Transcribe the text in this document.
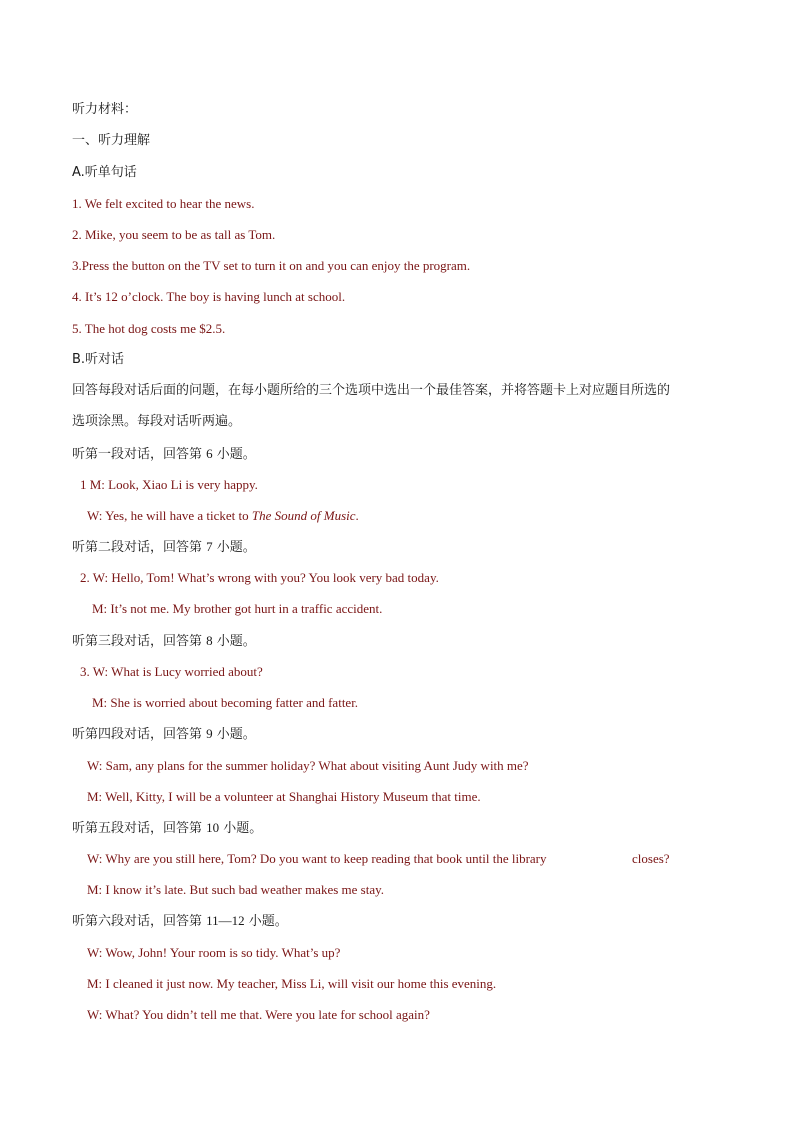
听力材料：
一、听力理解
A.听单句话
1. We felt excited to hear the news.
2. Mike, you seem to be as tall as Tom.
3.Press the button on the TV set to turn it on and you can enjoy the program.
4. It’s 12 o’clock. The boy is having lunch at school.
5. The hot dog costs me $2.5.
B.听对话
回答每段对话后面的问题，在每小题所给的三个选项中选出一个最佳答案，并将答题卡上对应题目所选的
选项涂黑。每段对话听两遍。
听第一段对话，回答第 6 小题。
1 M: Look, Xiao Li is very happy.
W: Yes, he will have a ticket to The Sound of Music.
听第二段对话，回答第 7 小题。
2. W: Hello, Tom! What’s wrong with you? You look very bad today.
M: It’s not me. My brother got hurt in a traffic accident.
听第三段对话，回答第 8 小题。
3. W: What is Lucy worried about?
M: She is worried about becoming fatter and fatter.
听第四段对话，回答第 9 小题。
W: Sam, any plans for the summer holiday? What about visiting Aunt Judy with me?
M: Well, Kitty, I will be a volunteer at Shanghai History Museum that time.
听第五段对话，回答第 10 小题。
W: Why are you still here, Tom? Do you want to keep reading that book until the library	closes?
M: I know it’s late. But such bad weather makes me stay.
听第六段对话，回答第 11—12 小题。
W: Wow, John! Your room is so tidy. What’s up?
M: I cleaned it just now. My teacher, Miss Li, will visit our home this evening.
W: What? You didn’t tell me that. Were you late for school again?
